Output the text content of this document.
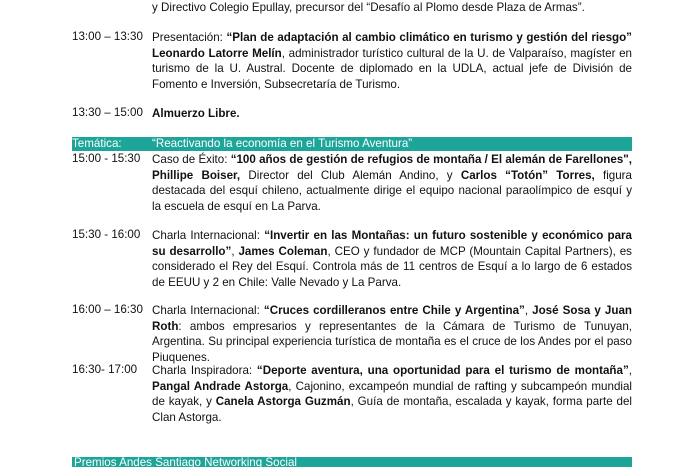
y Directivo Colegio Epullay, precursor del “Desafío al Plomo desde Plaza de Armas”.
13:00 – 13:30 Presentación: “Plan de adaptación al cambio climático en turismo y gestión del riesgo” Leonardo Latorre Melín, administrador turístico cultural de la U. de Valparaíso, magíster en turismo de la U. Austral. Docente de diplomado en la UDLA, actual jefe de División de Fomento e Inversión, Subsecretaría de Turismo.
13:30 – 15:00 Almuerzo Libre.
Temática:	“Reactivando la economía en el Turismo Aventura”
15:00 - 15:30	Caso de Éxito: “100 años de gestión de refugios de montaña / El alemán de Farellones", Phillipe Boiser, Director del Club Alemán Andino, y Carlos “Totón” Torres, figura destacada del esquí chileno, actualmente dirige el equipo nacional paraolímpico de esquí y la escuela de esquí en La Parva.
15:30 - 16:00	Charla Internacional: “Invertir en las Montañas: un futuro sostenible y económico para su desarrollo”, James Coleman, CEO y fundador de MCP (Mountain Capital Partners), es considerado el Rey del Esquí. Controla más de 11 centros de Esquí a lo largo de 6 estados de EEUU y 2 en Chile: Valle Nevado y La Parva.
16:00 – 16:30 Charla Internacional: “Cruces cordilleranos entre Chile y Argentina”, José Sosa y Juan Roth: ambos empresarios y representantes de la Cámara de Turismo de Tunuyan, Argentina. Su principal experiencia turística de montaña es el cruce de los Andes por el paso Piuquenes.
16:30- 17:00	Charla Inspiradora: “Deporte aventura, una oportunidad para el turismo de montaña”, Pangal Andrade Astorga, Cajonino, excampeón mundial de rafting y subcampeón mundial de kayak, y Canela Astorga Guzmán, Guía de montaña, escalada y kayak, forma parte del Clan Astorga.
Premios Andes Santiago Networking Social
